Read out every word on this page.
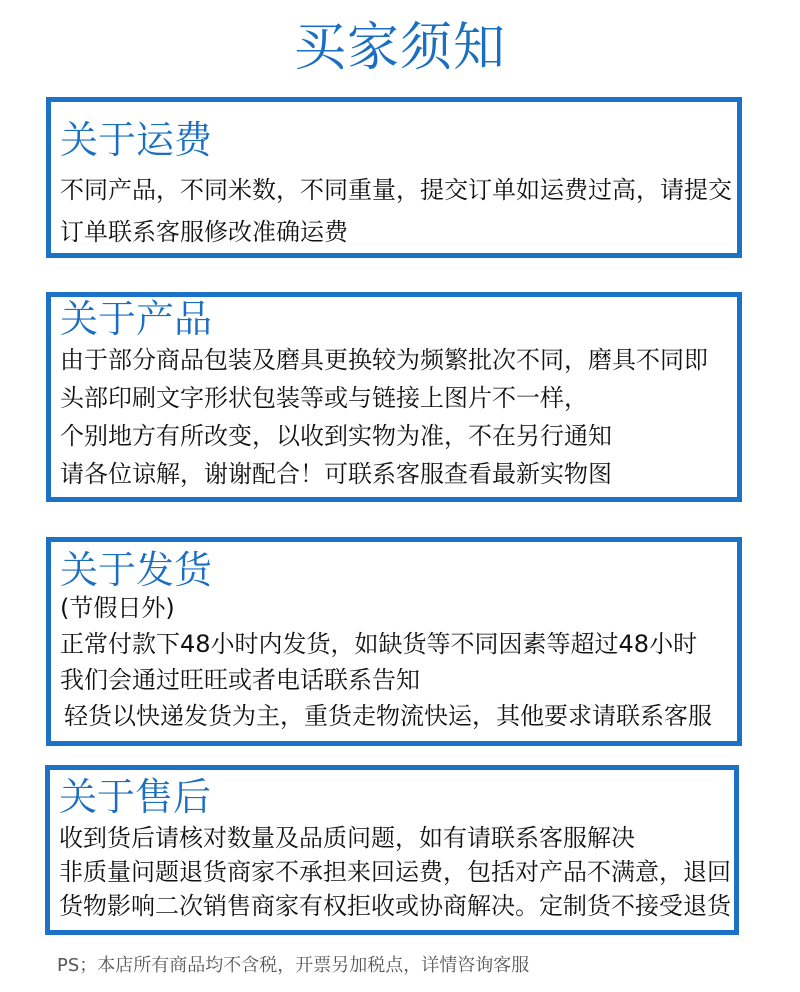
买家须知
关于运费
不同产品，不同米数，不同重量，提交订单如运费过高，请提交
订单联系客服修改准确运费
关于产品
由于部分商品包装及磨具更换较为频繁批次不同，磨具不同即
头部印刷文字形状包装等或与链接上图片不一样，
个别地方有所改变，以收到实物为准，不在另行通知
请各位谅解，谢谢配合！可联系客服查看最新实物图
关于发货
(节假日外)
正常付款下48小时内发货，如缺货等不同因素等超过48小时
我们会通过旺旺或者电话联系告知
轻货以快递发货为主，重货走物流快运，其他要求请联系客服
关于售后
收到货后请核对数量及品质问题，如有请联系客服解决
非质量问题退货商家不承担来回运费，包括对产品不满意，退回
货物影响二次销售商家有权拒收或协商解决。定制货不接受退货
PS；本店所有商品均不含税，开票另加税点，详情咨询客服
